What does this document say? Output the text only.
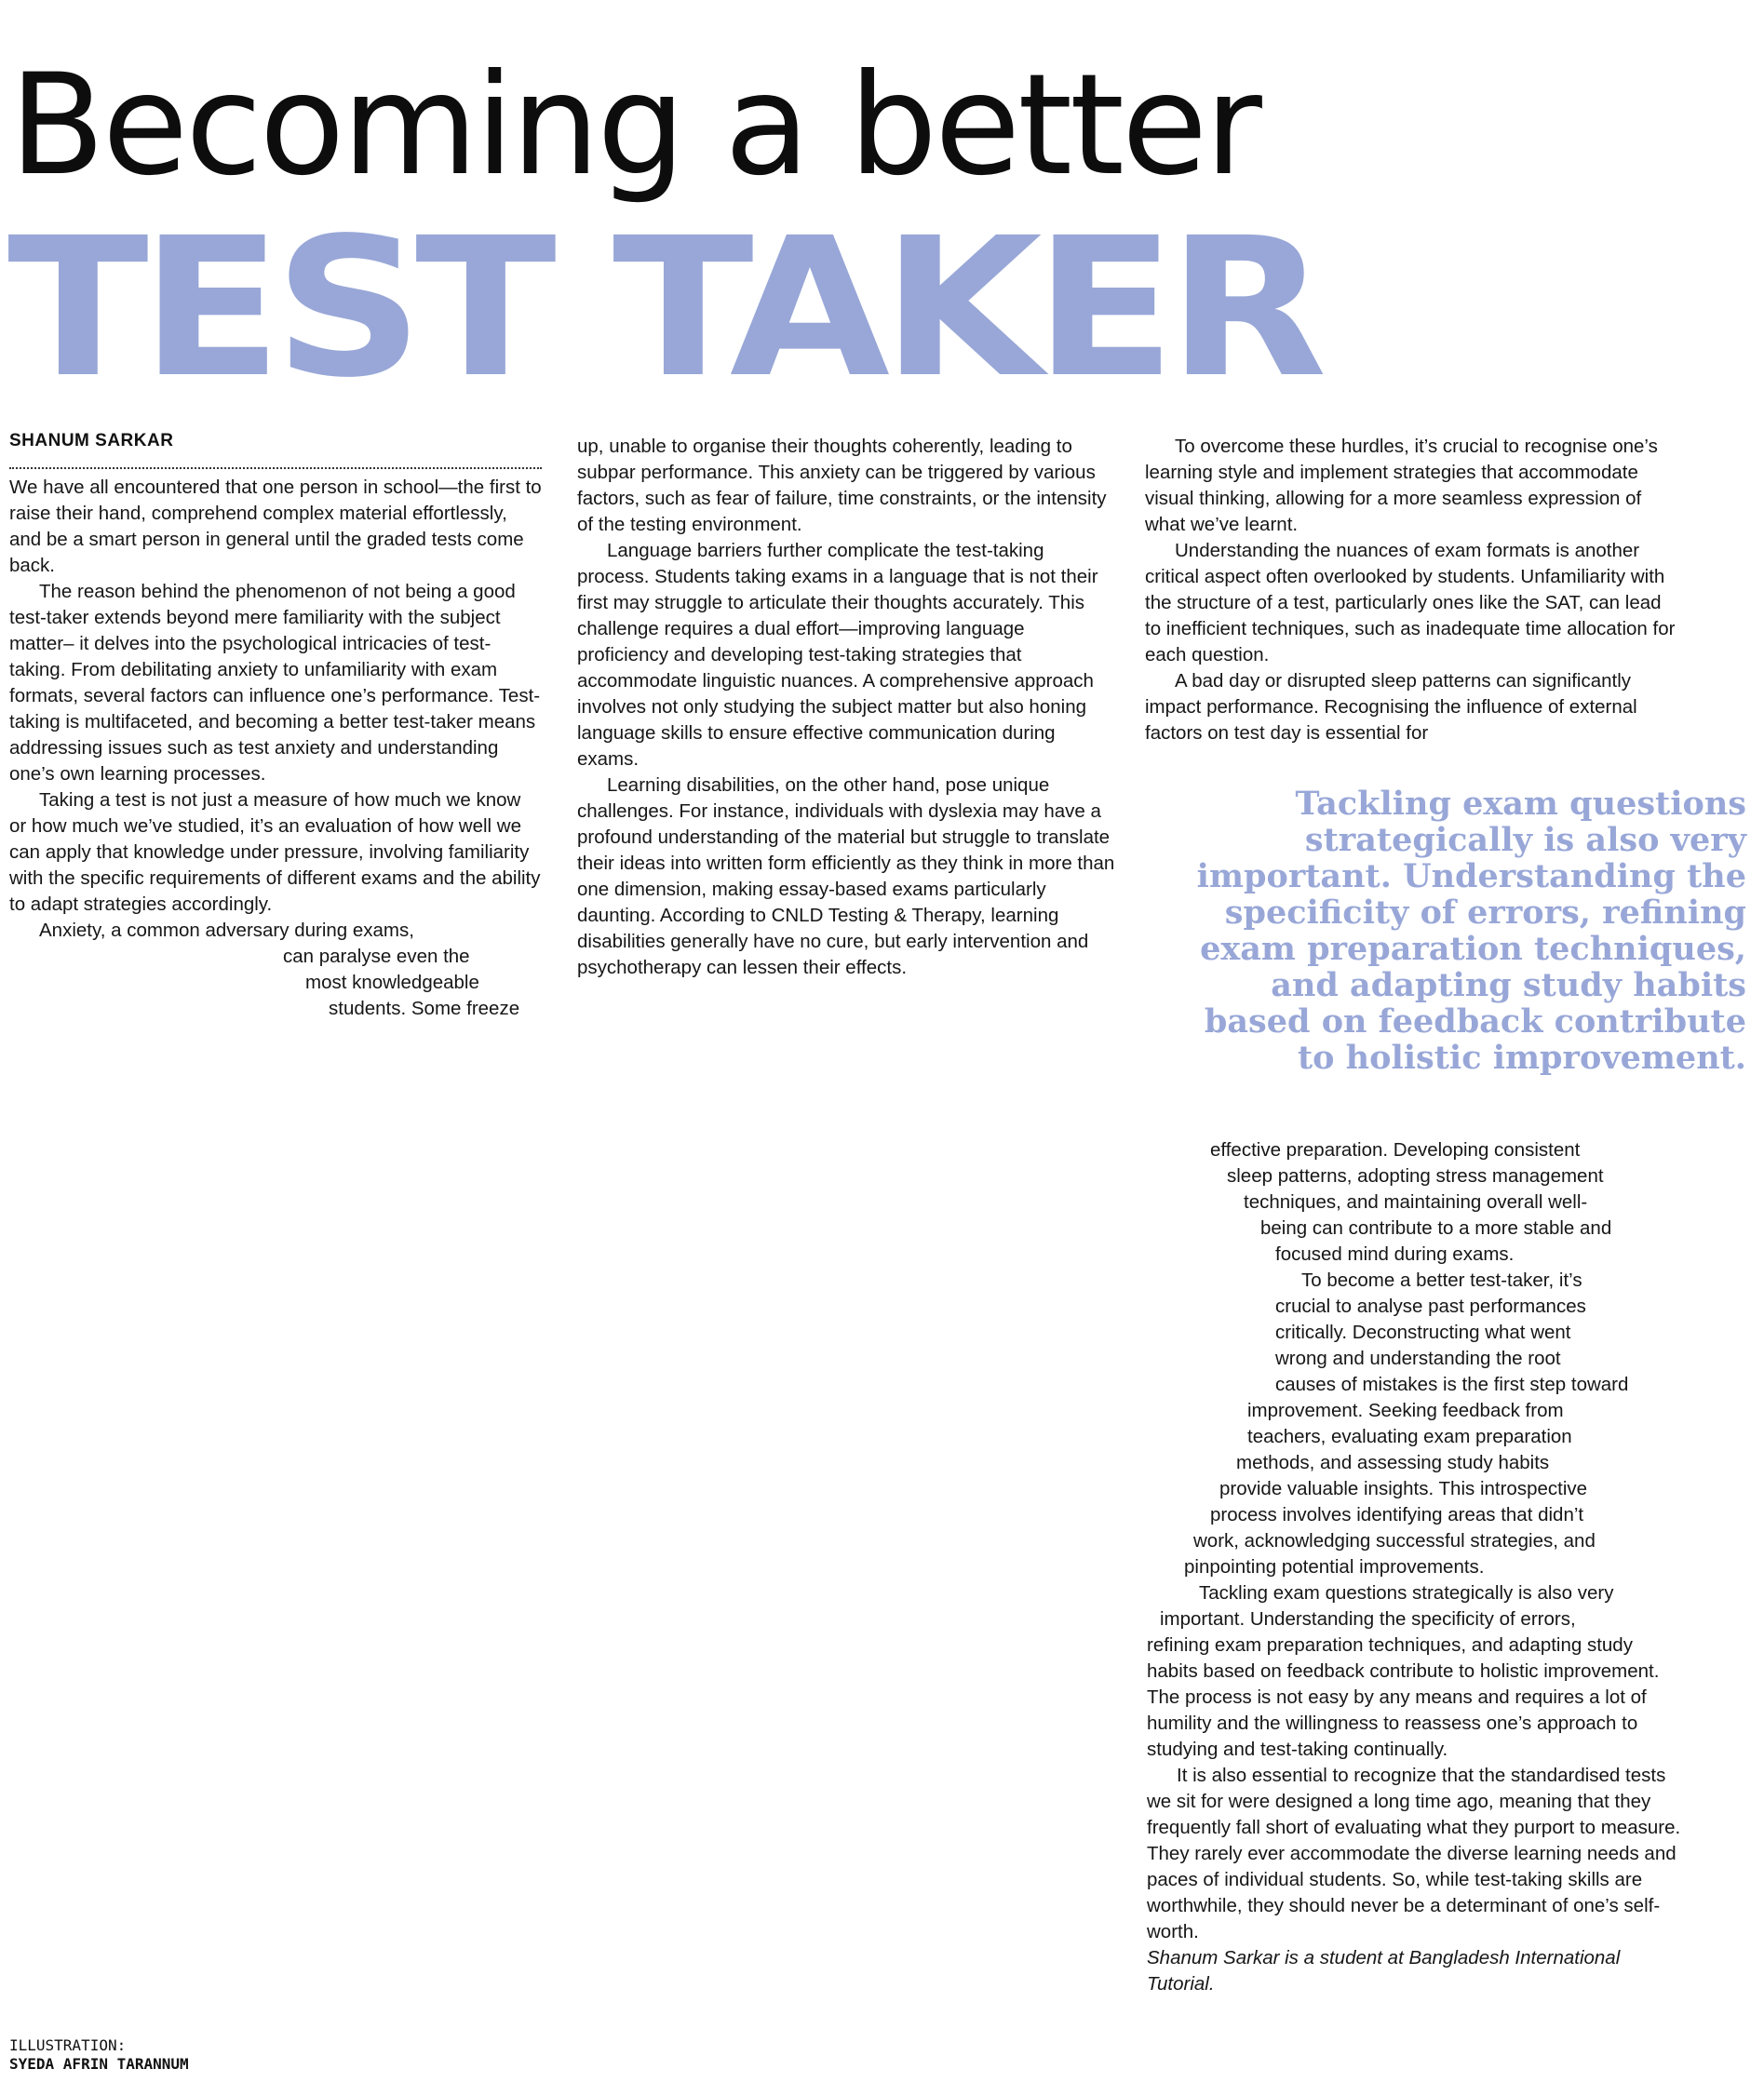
Becoming a better
TEST TAKER
SHANUM SARKAR

We have all encountered that one person in school—the first to raise their hand, comprehend complex material effortlessly, and be a smart person in general until the graded tests come back.

The reason behind the phenomenon of not being a good test-taker extends beyond mere familiarity with the subject matter– it delves into the psychological intricacies of test-taking. From debilitating anxiety to unfamiliarity with exam formats, several factors can influence one’s performance. Test-taking is multifaceted, and becoming a better test-taker means addressing issues such as test anxiety and understanding one’s own learning processes.

Taking a test is not just a measure of how much we know or how much we’ve studied, it’s an evaluation of how well we can apply that knowledge under pressure, involving familiarity with the specific requirements of different exams and the ability to adapt strategies accordingly.

Anxiety, a common adversary during exams,
can paralyse even the
most knowledgeable
students. Some freeze

up, unable to organise their thoughts coherently, leading to subpar performance. This anxiety can be triggered by various factors, such as fear of failure, time constraints, or the intensity of the testing environment.

Language barriers further complicate the test-taking process. Students taking exams in a language that is not their first may struggle to articulate their thoughts accurately. This challenge requires a dual effort—improving language proficiency and developing test-taking strategies that accommodate linguistic nuances. A comprehensive approach involves not only studying the subject matter but also honing language skills to ensure effective communication during exams.

Learning disabilities, on the other hand, pose unique challenges. For instance, individuals with dyslexia may have a profound understanding of the material but struggle to translate their ideas into written form efficiently as they think in more than one dimension, making essay-based exams particularly daunting. According to CNLD Testing & Therapy, learning disabilities generally have no cure, but early intervention and psychotherapy can lessen their effects.

To overcome these hurdles, it’s crucial to recognise one’s learning style and implement strategies that accommodate visual thinking, allowing for a more seamless expression of what we’ve learnt.

Understanding the nuances of exam formats is another critical aspect often overlooked by students. Unfamiliarity with the structure of a test, particularly ones like the SAT, can lead to inefficient techniques, such as inadequate time allocation for each question.

A bad day or disrupted sleep patterns can significantly impact performance. Recognising the influence of external factors on test day is essential for

Tackling exam questions strategically is also very important. Understanding the specificity of errors, refining exam preparation techniques, and adapting study habits based on feedback contribute to holistic improvement.
effective preparation. Developing consistent
sleep patterns, adopting stress management
techniques, and maintaining overall well-
being can contribute to a more stable and
focused mind during exams.
To become a better test-taker, it’s
crucial to analyse past performances
critically. Deconstructing what went
wrong and understanding the root
causes of mistakes is the first step toward
improvement. Seeking feedback from
teachers, evaluating exam preparation
methods, and assessing study habits
provide valuable insights. This introspective
process involves identifying areas that didn’t
work, acknowledging successful strategies, and
pinpointing potential improvements.
Tackling exam questions strategically is also very
important. Understanding the specificity of errors,
refining exam preparation techniques, and adapting study habits based on feedback contribute to holistic improvement. The process is not easy by any means and requires a lot of humility and the willingness to reassess one’s approach to studying and test-taking continually.

It is also essential to recognize that the standardised tests we sit for were designed a long time ago, meaning that they frequently fall short of evaluating what they purport to measure. They rarely ever accommodate the diverse learning needs and paces of individual students. So, while test-taking skills are worthwhile, they should never be a determinant of one’s self-worth.

Shanum Sarkar is a student at Bangladesh International Tutorial.

ILLUSTRATION:
SYEDA AFRIN TARANNUM
